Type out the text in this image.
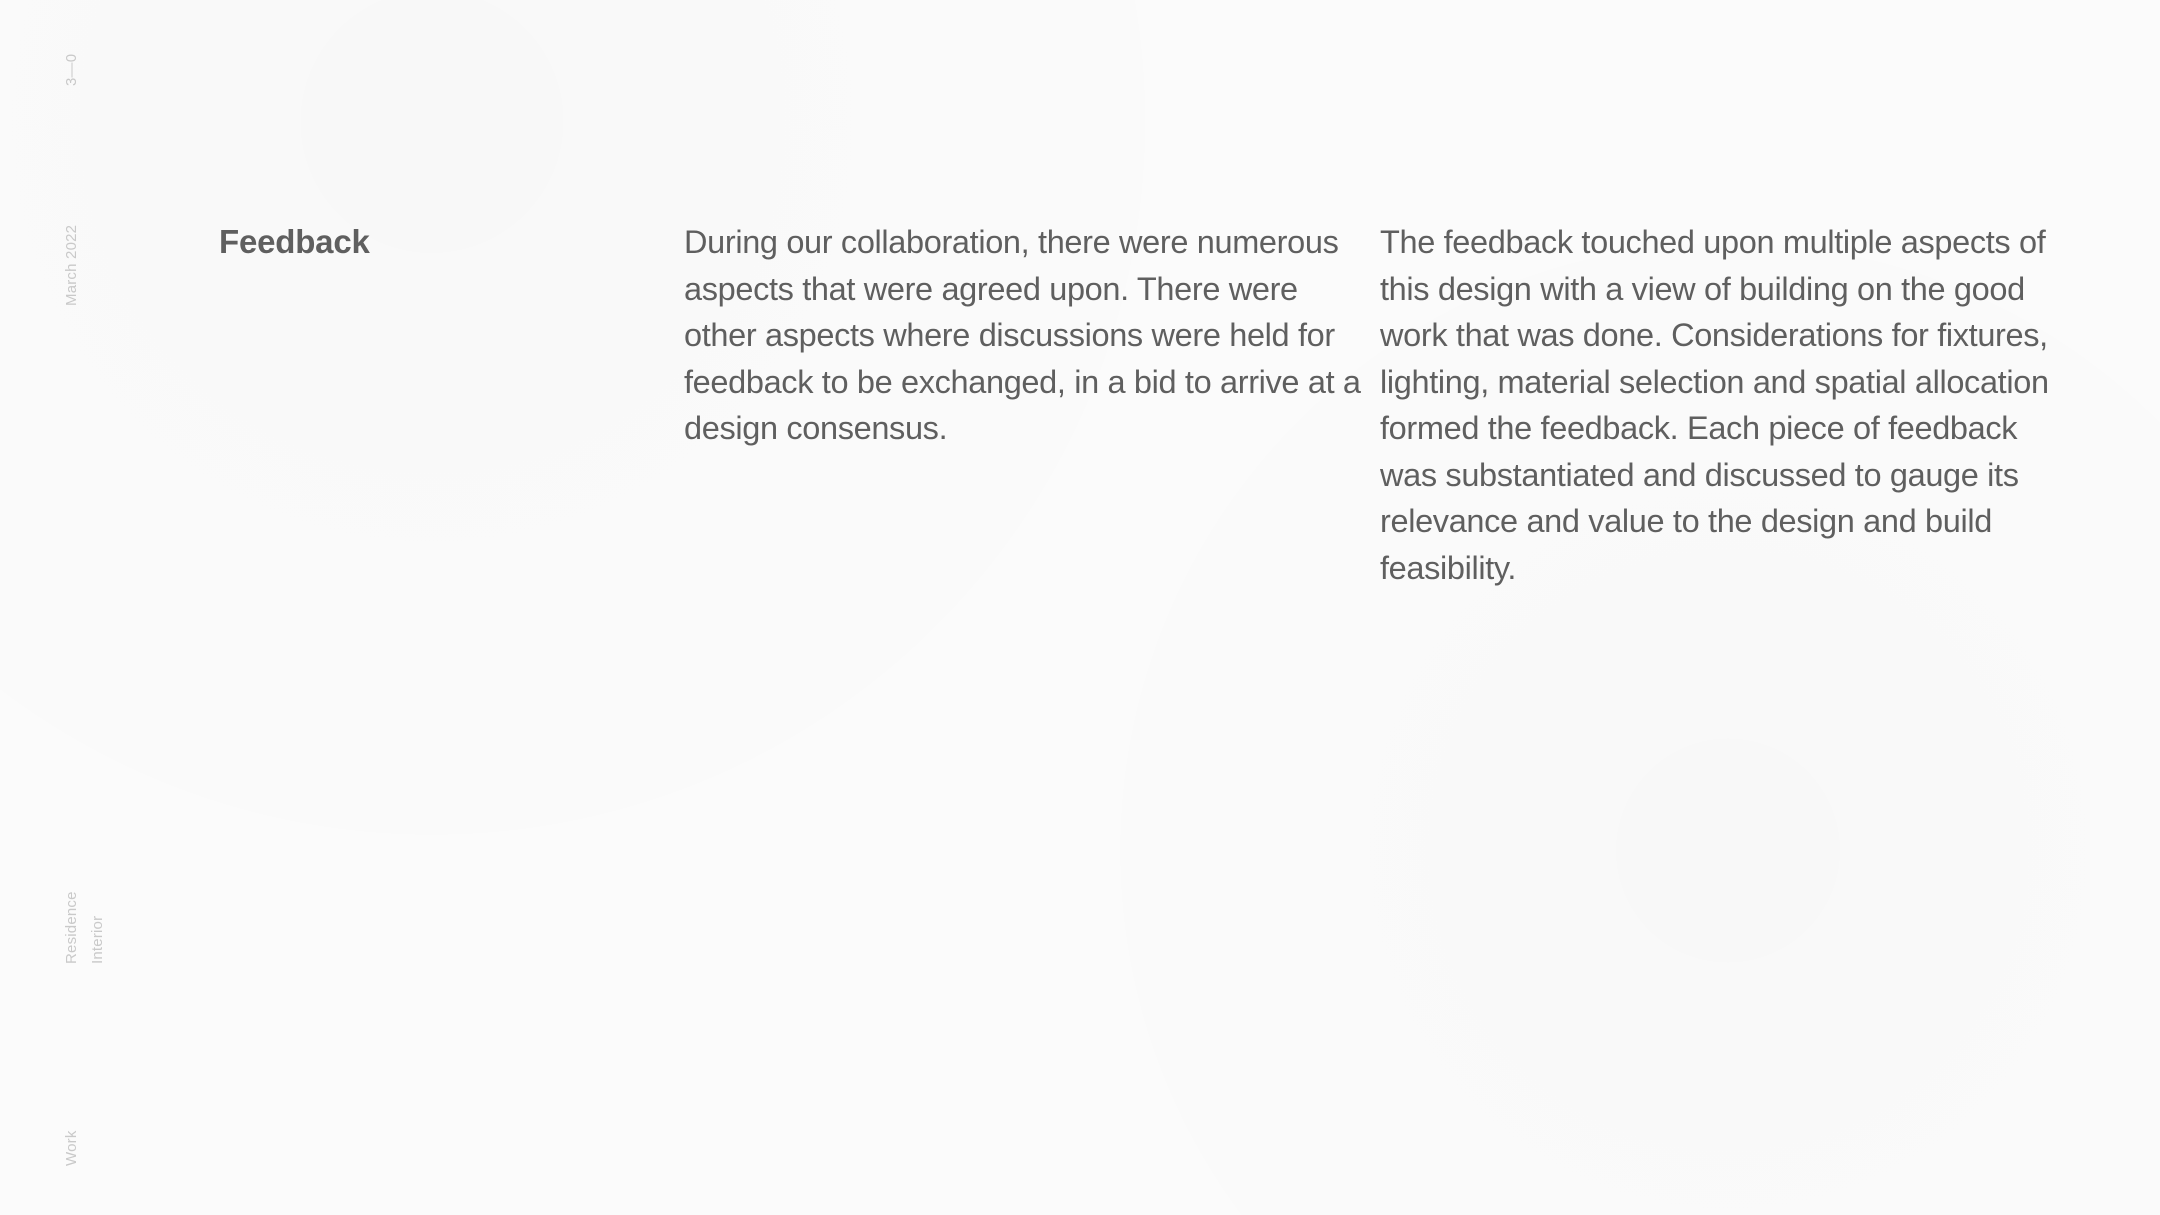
3—0
March 2022
Residence Interior
Work
Feedback	During our collaboration, there were numerous aspects that were agreed upon. There were other aspects where discussions were held for feedback to be exchanged, in a bid to arrive at a design consensus.

The feedback touched upon multiple aspects of this design with a view of building on the good work that was done. Considerations for fixtures, lighting, material selection and spatial allocation formed the feedback. Each piece of feedback was substantiated and discussed to gauge its relevance and value to the design and build feasibility.
